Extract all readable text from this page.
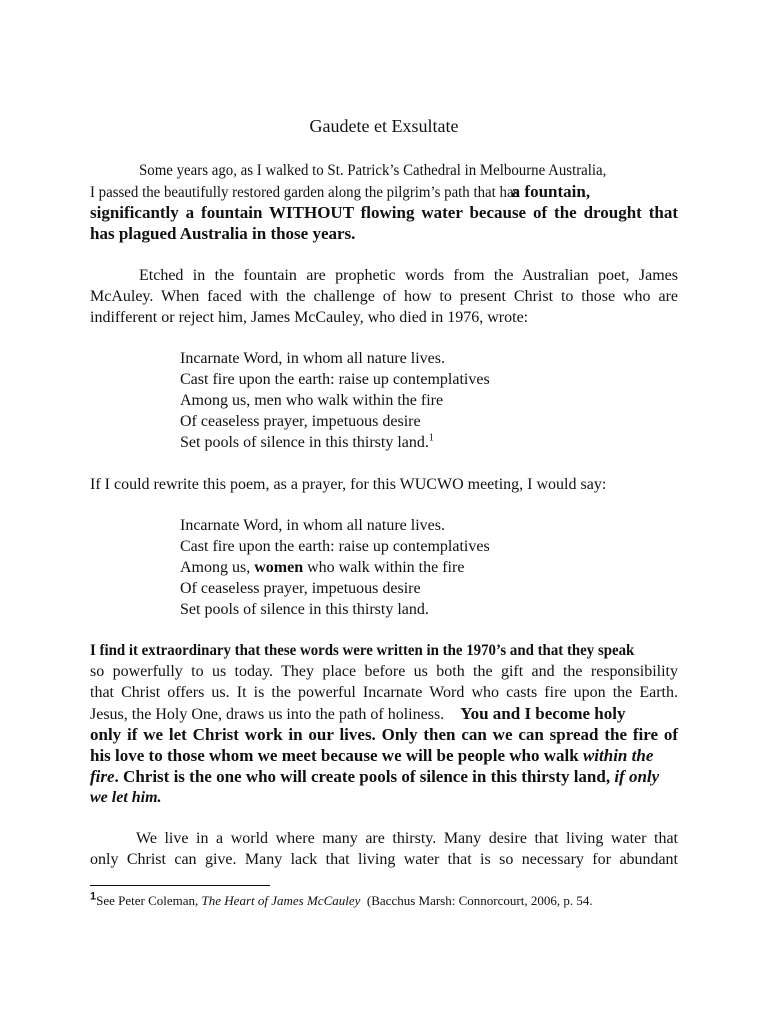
Gaudete et Exsultate
Some years ago, as I walked to St. Patrick’s Cathedral in Melbourne Australia,
I passed the beautifully restored garden along the pilgrim’s path that hasa fountain,
significantly a fountain WITHOUT flowing water because of the drought that
has plagued Australia in those years.
Etched in the fountain are prophetic words from the Australian poet, James
McAuley. When faced with the challenge of how to present Christ to those who are
indifferent or reject him, James McCauley, who died in 1976, wrote:
Incarnate Word, in whom all nature lives.
Cast fire upon the earth: raise up contemplatives
Among us, men who walk within the fire
Of ceaseless prayer, impetuous desire
Set pools of silence in this thirsty land.$^1$
If I could rewrite this poem, as a prayer, for this WUCWO meeting, I would say:
Incarnate Word, in whom all nature lives.
Cast fire upon the earth: raise up contemplatives
Among us, women who walk within the fire
Of ceaseless prayer, impetuous desire
Set pools of silence in this thirsty land.
I find it extraordinary that these words were written in the 1970’s and that they speak
so powerfully to us today. They place before us both the gift and the responsibility
that Christ offers us. It is the powerful Incarnate Word who casts fire upon the Earth.
Jesus, the Holy One, draws us into the path of holiness.    You and I become holy
only if we let Christ work in our lives. Only then can we can spread the fire of
his love to those whom we meet because we will be people who walk within the
fire. Christ is the one who will create pools of silence in this thirsty land, if only
we let him.
We live in a world where many are thirsty. Many desire that living water that
only Christ can give. Many lack that living water that is so necessary for abundant
$^1$See Peter Coleman, The Heart of James McCauley  (Bacchus Marsh: Connorcourt, 2006, p. 54.
